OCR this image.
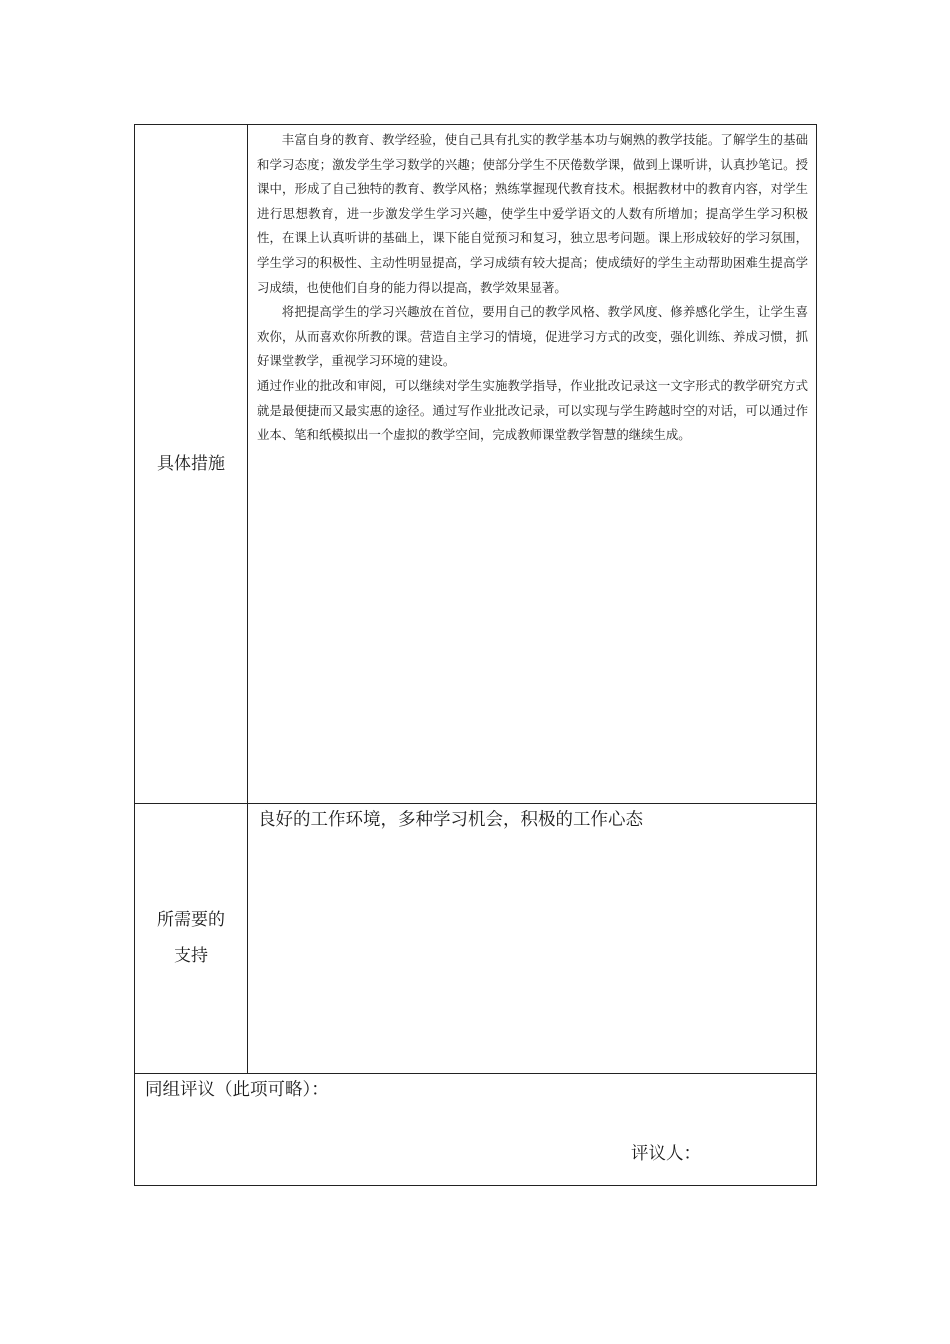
具体措施	丰富自身的教育、教学经验，使自己具有扎实的教学基本功与娴熟的教学技能。了解学生的基础和学习态度；激发学生学习数学的兴趣；使部分学生不厌倦数学课，做到上课听讲，认真抄笔记。授课中，形成了自己独特的教育、教学风格；熟练掌握现代教育技术。根据教材中的教育内容，对学生进行思想教育，进一步激发学生学习兴趣，使学生中爱学语文的人数有所增加；提高学生学习积极性，在课上认真听讲的基础上，课下能自觉预习和复习，独立思考问题。课上形成较好的学习氛围，学生学习的积极性、主动性明显提高，学习成绩有较大提高；使成绩好的学生主动帮助困难生提高学习成绩，也使他们自身的能力得以提高，教学效果显著。

将把提高学生的学习兴趣放在首位，要用自己的教学风格、教学风度、修养感化学生，让学生喜欢你，从而喜欢你所教的课。营造自主学习的情境，促进学习方式的改变，强化训练、养成习惯，抓好课堂教学，重视学习环境的建设。

通过作业的批改和审阅，可以继续对学生实施教学指导，作业批改记录这一文字形式的教学研究方式就是最便捷而又最实惠的途径。通过写作业批改记录，可以实现与学生跨越时空的对话，可以通过作业本、笔和纸模拟出一个虚拟的教学空间，完成教师课堂教学智慧的继续生成。

所需要的
支持	良好的工作环境，多种学习机会，积极的工作心态

同组评议（此项可略）：
评议人：	
